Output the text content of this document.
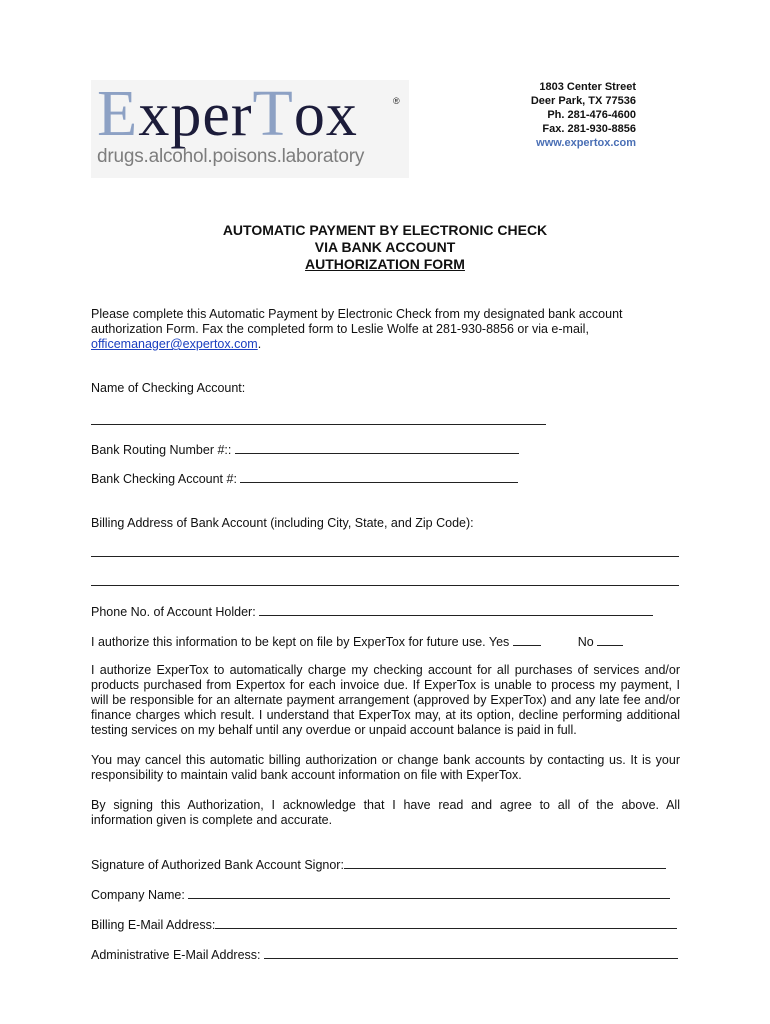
ExperTox	®
drugs.alcohol.poisons.laboratory
1803 Center Street
Deer Park, TX 77536
Ph. 281-476-4600
Fax. 281-930-8856
www.expertox.com
AUTOMATIC PAYMENT BY ELECTRONIC CHECK
VIA BANK ACCOUNT
AUTHORIZATION FORM
Please complete this Automatic Payment by Electronic Check from my designated bank account
authorization Form. Fax the completed form to Leslie Wolfe at 281-930-8856 or via e-mail,
officemanager@expertox.com.
Name of Checking Account:
Bank Routing Number #::
Bank Checking Account #:
Billing Address of Bank Account (including City, State, and Zip Code):
Phone No. of Account Holder:
I authorize this information to be kept on file by ExperTox for future use. Yes	No
I authorize ExperTox to automatically charge my checking account for all purchases of services and/or
products purchased from Expertox for each invoice due. If ExperTox is unable to process my payment, I
will be responsible for an alternate payment arrangement (approved by ExperTox) and any late fee and/or
finance charges which result. I understand that ExperTox may, at its option, decline performing additional
testing services on my behalf until any overdue or unpaid account balance is paid in full.
You may cancel this automatic billing authorization or change bank accounts by contacting us. It is your
responsibility to maintain valid bank account information on file with ExperTox.
By signing this Authorization, I acknowledge that I have read and agree to all of the above. All
information given is complete and accurate.
Signature of Authorized Bank Account Signor:
Company Name:
Billing E-Mail Address:
Administrative E-Mail Address:
